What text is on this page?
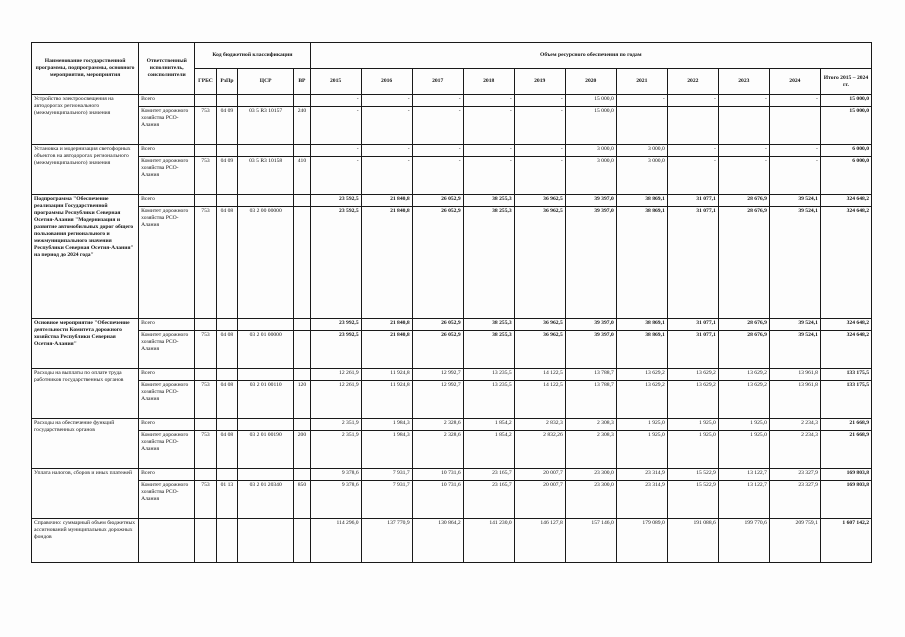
Наименование государственной программы, подпрограммы, основного мероприятия, мероприятия	Ответственный исполнитель, соисполнители	Код бюджетной классификации				Объем ресурсного обеспечения по годам										
		ГРБС	РзПр	ЦСР	ВР	2015	2016	2017	2018	2019	2020	2021	2022	2023	2024	Итого 2015 – 2024 гг.
Устройство электроосвещения на автодорогах регионального (межмуниципального) значения	Всего					-	-	-	-	-	15 000,0	-	-	-	-	15 000,0
	Комитет дорожного хозяйства РСО-Алания	753	04 09	03 5 R3 10157	240	-	-	-	-	-	15 000,0					15 000,0
Установка и модернизация светофорных объектов на автодорогах регионального (межмуниципального) значения	Всего					-	-	-	-	-	3 000,0	3 000,0	-	-	-	6 000,0
	Комитет дорожного хозяйства РСО-Алания	753	04 09	03 5 R3 10158	410	-	-	-	-	-	3 000,0	3 000,0	-	-	-	6 000,0
Подпрограмма "Обеспечение реализации Государственной программы Республики Северная Осетия-Алания "Модернизация и развитие автомобильных дорог общего пользования регионального и межмуниципального значения Республики Северная Осетия-Алания" на период до 2024 года"	Всего					23 592,5	21 840,8	26 052,9	38 255,3	36 962,5	39 397,0	38 869,1	31 077,1	28 676,9	39 524,1	324 648,2
	Комитет дорожного хозяйства РСО-Алания	753	04 08	03 2 00 00000		23 592,5	21 840,8	26 052,9	38 255,3	36 962,5	39 397,0	38 869,1	31 077,1	28 676,9	39 524,1	324 648,2
Основное мероприятие "Обеспечение деятельности Комитета дорожного хозяйства Республики Северная Осетия-Алания"	Всего					23 992,5	21 840,8	26 052,9	38 255,3	36 962,5	39 397,0	38 869,1	31 077,1	28 676,9	39 524,1	324 648,2
	Комитет дорожного хозяйства РСО-Алания	753	04 08	03 2 01 00000		23 992,5	21 840,8	26 052,9	38 255,3	36 962,5	39 397,0	38 869,1	31 077,1	28 676,9	39 524,1	324 648,2
Расходы на выплаты по оплате труда работников государственных органов	Всего					12 261,9	11 924,8	12 992,7	13 235,5	14 122,5	13 788,7	13 629,2	13 629,2	13 629,2	13 961,8	133 175,5
	Комитет дорожного хозяйства РСО-Алания	753	04 08	03 2 01 00110	120	12 261,9	11 924,8	12 992,7	13 235,5	14 122,5	13 788,7	13 629,2	13 629,2	13 629,2	13 961,8	133 175,5
Расходы на обеспечение функций государственных органов	Всего					2 351,9	1 984,3	2 328,6	1 854,2	2 832,3	2 308,3	1 925,0	1 925,0	1 925,0	2 234,3	21 668,9
	Комитет дорожного хозяйства РСО-Алания	753	04 08	03 2 01 00190	200	2 351,9	1 984,3	2 328,6	1 854,2	2 832,26	2 308,3	1 925,0	1 925,0	1 925,0	2 234,3	21 668,9
Уплата налогов, сборов и иных платежей	Всего					9 378,6	7 931,7	10 731,6	23 165,7	20 007,7	23 300,0	23 314,9	15 522,9	13 122,7	23 327,9	169 803,8
	Комитет дорожного хозяйства РСО-Алания	753	01 13	03 2 01 20340	850	9 378,6	7 931,7	10 731,6	23 165,7	20 007,7	23 300,0	23 314,9	15 522,9	13 122,7	23 327,9	169 803,8
Справочно: суммарный объем бюджетных ассигнований муниципальных дорожных фондов						114 296,0	137 770,9	130 864,2	141 230,0	146 127,8	157 146,0	179 089,0	191 088,6	199 770,6	209 759,1	1 607 142,2
